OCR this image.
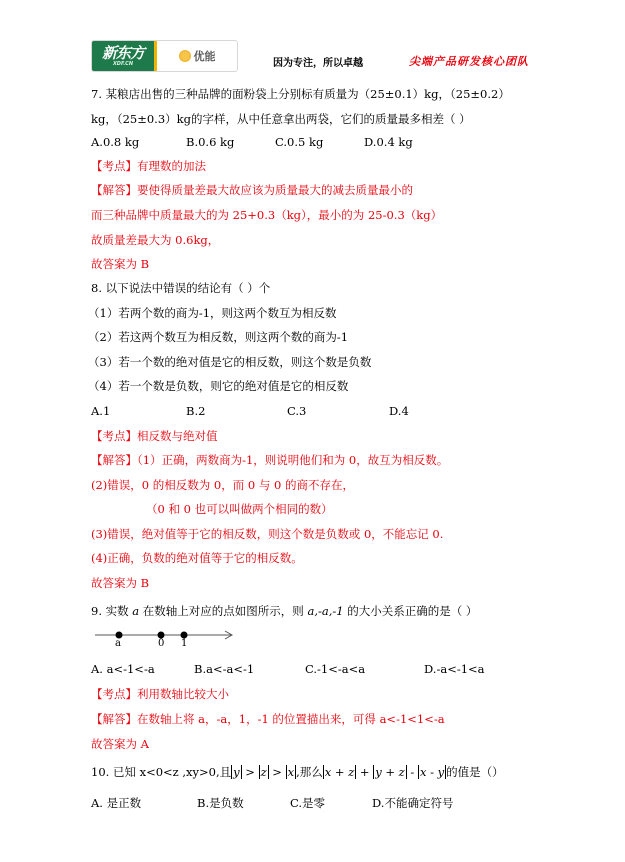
新东方
XDF.CN
优能
因为专注，所以卓越	尖端产品研发核心团队
7. 某粮店出售的三种品牌的面粉袋上分别标有质量为（25±0.1）kg，（25±0.2）
kg，（25±0.3）kg的字样，从中任意拿出两袋，它们的质量最多相差（ ）
A.0.8 kg	B.0.6 kg	C.0.5 kg	D.0.4 kg
【考点】有理数的加法
【解答】要使得质量差最大故应该为质量最大的减去质量最小的
而三种品牌中质量最大的为 25+0.3（kg），最小的为 25-0.3（kg）
故质量差最大为 0.6kg，
故答案为 B
8. 以下说法中错误的结论有（ ）个
（1）若两个数的商为-1，则这两个数互为相反数
（2）若这两个数互为相反数，则这两个数的商为-1
（3）若一个数的绝对值是它的相反数，则这个数是负数
（4）若一个数是负数，则它的绝对值是它的相反数
A.1	B.2	C.3	D.4
【考点】相反数与绝对值
【解答】（1）正确，两数商为-1，则说明他们和为 0，故互为相反数。
(2)错误，0 的相反数为 0，而 0 与 0 的商不存在，
（0 和 0 也可以叫做两个相同的数）
(3)错误，绝对值等于它的相反数，则这个数是负数或 0，不能忘记 0.
(4)正确，负数的绝对值等于它的相反数。
故答案为 B
9. 实数 a 在数轴上对应的点如图所示，则 a,-a,-1 的大小关系正确的是（ ）
a	0 1
A. a<-1<-a	B.a<-a<-1	C.-1<-a<a	D.-a<-1<a
【考点】利用数轴比较大小
【解答】在数轴上将 a，-a，1，-1 的位置描出来，可得 a<-1<1<-a
故答案为 A
10. 已知 x<0<z ,xy>0,且 y > z > x ,那么 x + z + y + z - x - y 的值是（）
A. 是正数	B.是负数	C.是零	D.不能确定符号
